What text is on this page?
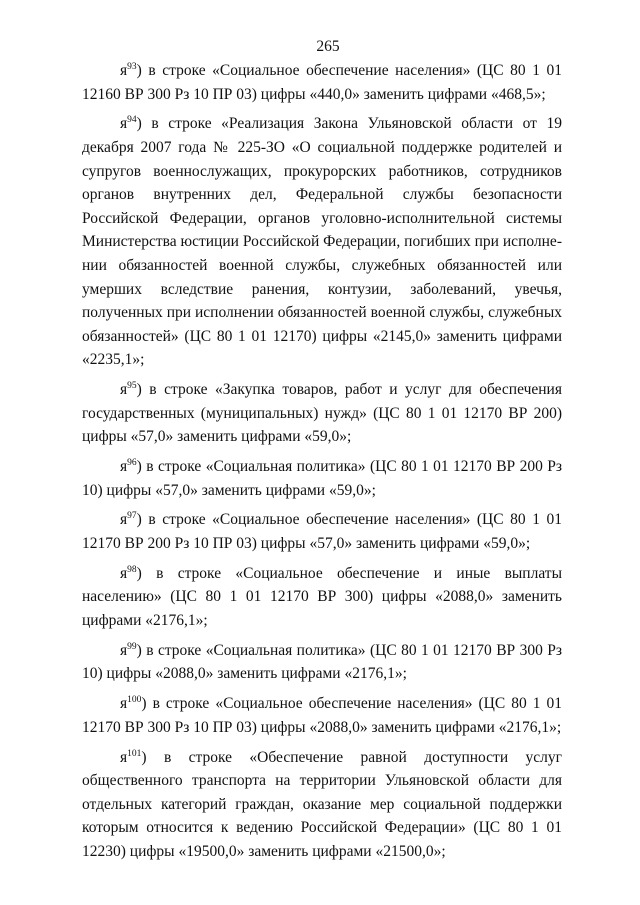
265

$я^{93}$) в строке «Социальное обеспечение населения» (ЦС 80 1 01 12160 ВР 300 Рз 10 ПР 03) цифры «440,0» заменить цифрами «468,5»;

$я^{94}$) в строке «Реализация Закона Ульяновской области от 19 декабря 2007 года № 225-ЗО «О социальной поддержке родителей и супругов военнослужащих, прокурорских работников, сотрудников органов внутренних дел, Федеральной службы безопасности Российской Федерации, органов уголовно-исполнительной системы Министерства юстиции Российской Федерации, погибших при исполнении обязанностей военной службы, служебных обязанностей или умерших вследствие ранения, контузии, заболеваний, увечья, полученных при исполнении обязанностей военной службы, служебных обязанностей» (ЦС 80 1 01 12170) цифры «2145,0» заменить цифрами «2235,1»;

$я^{95}$) в строке «Закупка товаров, работ и услуг для обеспечения государственных (муниципальных) нужд» (ЦС 80 1 01 12170 ВР 200) цифры «57,0» заменить цифрами «59,0»;

$я^{96}$) в строке «Социальная политика» (ЦС 80 1 01 12170 ВР 200 Рз 10) цифры «57,0» заменить цифрами «59,0»;

$я^{97}$) в строке «Социальное обеспечение населения» (ЦС 80 1 01 12170 ВР 200 Рз 10 ПР 03) цифры «57,0» заменить цифрами «59,0»;

$я^{98}$) в строке «Социальное обеспечение и иные выплаты населению» (ЦС 80 1 01 12170 ВР 300) цифры «2088,0» заменить цифрами «2176,1»;

$я^{99}$) в строке «Социальная политика» (ЦС 80 1 01 12170 ВР 300 Рз 10) цифры «2088,0» заменить цифрами «2176,1»;

$я^{100}$) в строке «Социальное обеспечение населения» (ЦС 80 1 01 12170 ВР 300 Рз 10 ПР 03) цифры «2088,0» заменить цифрами «2176,1»;

$я^{101}$) в строке «Обеспечение равной доступности услуг общественного транспорта на территории Ульяновской области для отдельных категорий граждан, оказание мер социальной поддержки которым относится к ведению Российской Федерации» (ЦС 80 1 01 12230) цифры «19500,0» заменить цифрами «21500,0»;
